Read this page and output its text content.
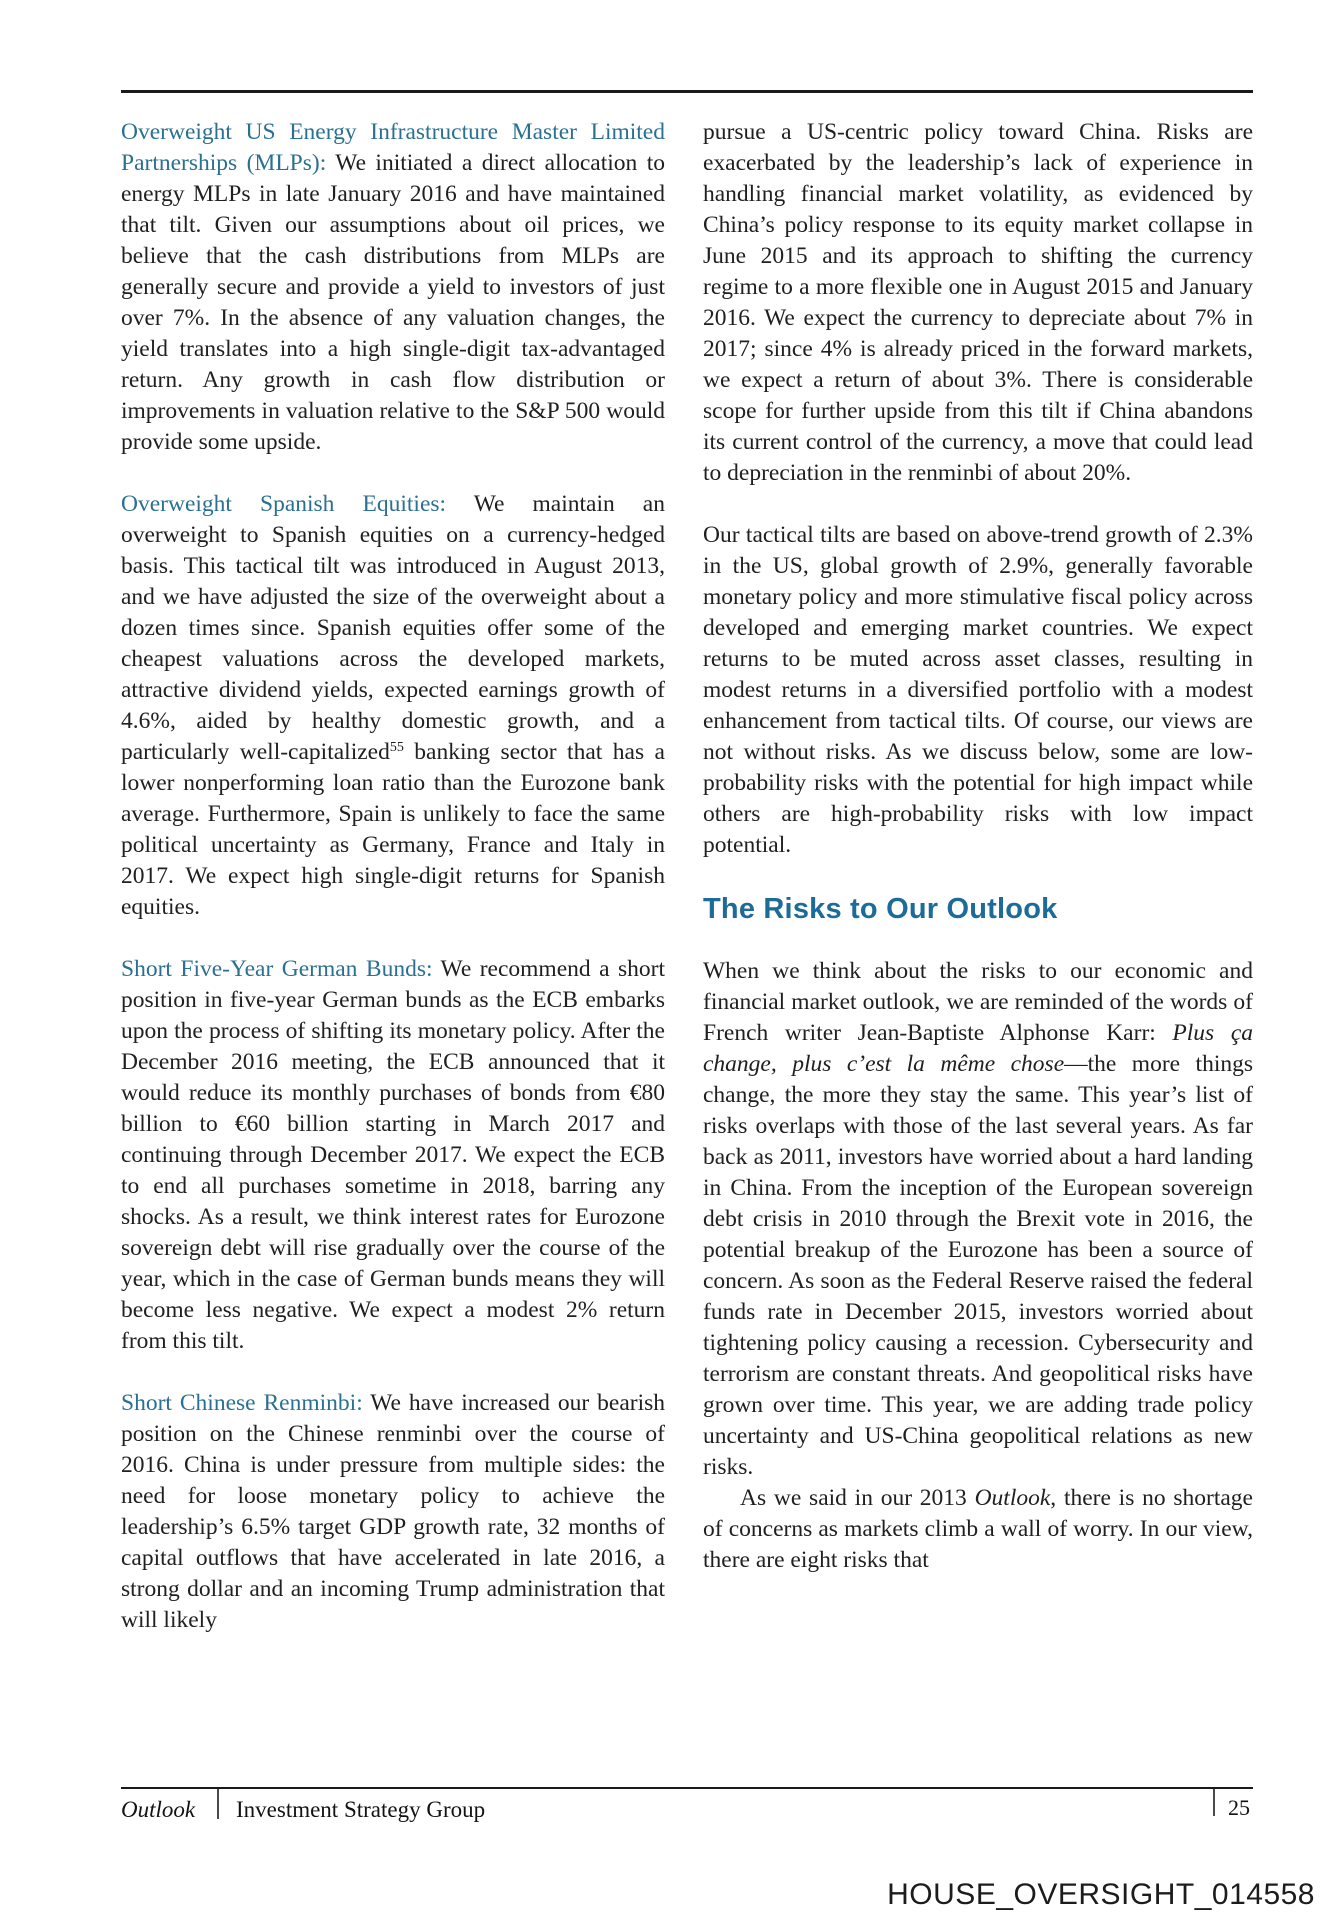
Overweight US Energy Infrastructure Master Limited Partnerships (MLPs): We initiated a direct allocation to energy MLPs in late January 2016 and have maintained that tilt. Given our assumptions about oil prices, we believe that the cash distributions from MLPs are generally secure and provide a yield to investors of just over 7%. In the absence of any valuation changes, the yield translates into a high single-digit tax-advantaged return. Any growth in cash flow distribution or improvements in valuation relative to the S&P 500 would provide some upside.

Overweight Spanish Equities: We maintain an overweight to Spanish equities on a currency-hedged basis. This tactical tilt was introduced in August 2013, and we have adjusted the size of the overweight about a dozen times since. Spanish equities offer some of the cheapest valuations across the developed markets, attractive dividend yields, expected earnings growth of 4.6%, aided by healthy domestic growth, and a particularly well-capitalized$^{55}$ banking sector that has a lower nonperforming loan ratio than the Eurozone bank average. Furthermore, Spain is unlikely to face the same political uncertainty as Germany, France and Italy in 2017. We expect high single-digit returns for Spanish equities.

Short Five-Year German Bunds: We recommend a short position in five-year German bunds as the ECB embarks upon the process of shifting its monetary policy. After the December 2016 meeting, the ECB announced that it would reduce its monthly purchases of bonds from €80 billion to €60 billion starting in March 2017 and continuing through December 2017. We expect the ECB to end all purchases sometime in 2018, barring any shocks. As a result, we think interest rates for Eurozone sovereign debt will rise gradually over the course of the year, which in the case of German bunds means they will become less negative. We expect a modest 2% return from this tilt.

Short Chinese Renminbi: We have increased our bearish position on the Chinese renminbi over the course of 2016. China is under pressure from multiple sides: the need for loose monetary policy to achieve the leadership’s 6.5% target GDP growth rate, 32 months of capital outflows that have accelerated in late 2016, a strong dollar and an incoming Trump administration that will likely

pursue a US-centric policy toward China. Risks are exacerbated by the leadership’s lack of experience in handling financial market volatility, as evidenced by China’s policy response to its equity market collapse in June 2015 and its approach to shifting the currency regime to a more flexible one in August 2015 and January 2016. We expect the currency to depreciate about 7% in 2017; since 4% is already priced in the forward markets, we expect a return of about 3%. There is considerable scope for further upside from this tilt if China abandons its current control of the currency, a move that could lead to depreciation in the renminbi of about 20%.

Our tactical tilts are based on above-trend growth of 2.3% in the US, global growth of 2.9%, generally favorable monetary policy and more stimulative fiscal policy across developed and emerging market countries. We expect returns to be muted across asset classes, resulting in modest returns in a diversified portfolio with a modest enhancement from tactical tilts. Of course, our views are not without risks. As we discuss below, some are low-probability risks with the potential for high impact while others are high-probability risks with low impact potential.

The Risks to Our Outlook

When we think about the risks to our economic and financial market outlook, we are reminded of the words of French writer Jean-Baptiste Alphonse Karr: Plus ça change, plus c’est la même chose—the more things change, the more they stay the same. This year’s list of risks overlaps with those of the last several years. As far back as 2011, investors have worried about a hard landing in China. From the inception of the European sovereign debt crisis in 2010 through the Brexit vote in 2016, the potential breakup of the Eurozone has been a source of concern. As soon as the Federal Reserve raised the federal funds rate in December 2015, investors worried about tightening policy causing a recession. Cybersecurity and terrorism are constant threats. And geopolitical risks have grown over time. This year, we are adding trade policy uncertainty and US-China geopolitical relations as new risks.

As we said in our 2013 Outlook, there is no shortage of concerns as markets climb a wall of worry. In our view, there are eight risks that

Outlook Investment Strategy Group	25
HOUSE_OVERSIGHT_014558
